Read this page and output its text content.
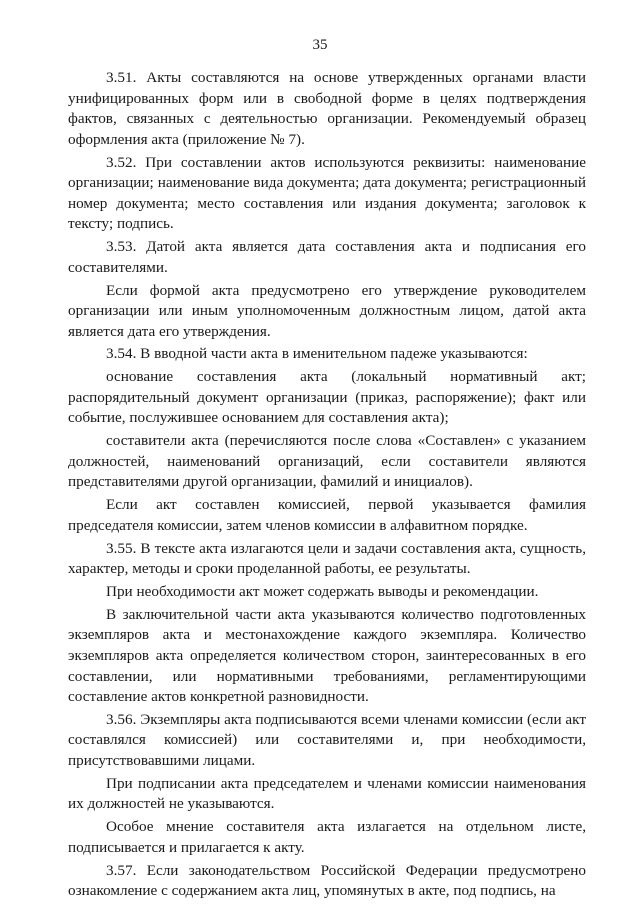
35

3.51. Акты составляются на основе утвержденных органами власти унифицированных форм или в свободной форме в целях подтверждения фактов, связанных с деятельностью организации. Рекомендуемый образец оформления акта (приложение № 7).

3.52. При составлении актов используются реквизиты: наименование организации; наименование вида документа; дата документа; регистрационный номер документа; место составления или издания документа; заголовок к тексту; подпись.

3.53. Датой акта является дата составления акта и подписания его составителями.

Если формой акта предусмотрено его утверждение руководителем организации или иным уполномоченным должностным лицом, датой акта является дата его утверждения.

3.54. В вводной части акта в именительном падеже указываются:

основание составления акта (локальный нормативный акт; распорядительный документ организации (приказ, распоряжение); факт или событие, послужившее основанием для составления акта);

составители акта (перечисляются после слова «Составлен» с указанием должностей, наименований организаций, если составители являются представителями другой организации, фамилий и инициалов).

Если акт составлен комиссией, первой указывается фамилия председателя комиссии, затем членов комиссии в алфавитном порядке.

3.55. В тексте акта излагаются цели и задачи составления акта, сущность, характер, методы и сроки проделанной работы, ее результаты.

При необходимости акт может содержать выводы и рекомендации.

В заключительной части акта указываются количество подготовленных экземпляров акта и местонахождение каждого экземпляра. Количество экземпляров акта определяется количеством сторон, заинтересованных в его составлении, или нормативными требованиями, регламентирующими составление актов конкретной разновидности.

3.56. Экземпляры акта подписываются всеми членами комиссии (если акт составлялся комиссией) или составителями и, при необходимости, присутствовавшими лицами.

При подписании акта председателем и членами комиссии наименования их должностей не указываются.

Особое мнение составителя акта излагается на отдельном листе, подписывается и прилагается к акту.

3.57. Если законодательством Российской Федерации предусмотрено ознакомление с содержанием акта лиц, упомянутых в акте, под подпись, на
